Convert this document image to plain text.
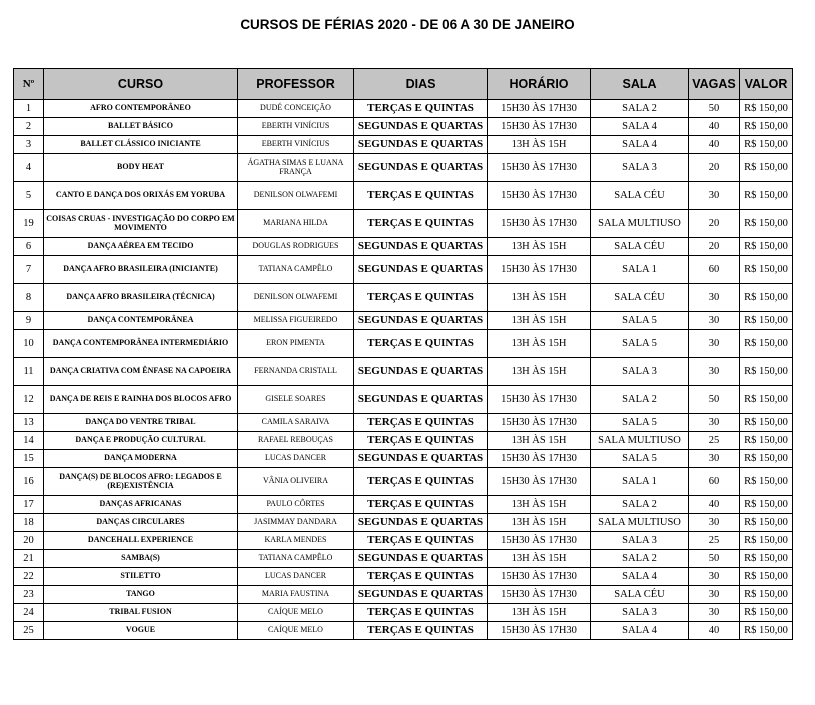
CURSOS DE FÉRIAS 2020 - DE 06 A 30 DE JANEIRO
Nº	CURSO	PROFESSOR	DIAS	HORÁRIO	SALA	VAGAS	VALOR
1	AFRO CONTEMPORÂNEO	DUDÉ CONCEIÇÃO	TERÇAS E QUINTAS	15H30 ÀS 17H30	SALA 2	50	R$ 150,00
2	BALLET BÁSICO	EBERTH VINÍCIUS	SEGUNDAS E QUARTAS	15H30 ÀS 17H30	SALA 4	40	R$ 150,00
3	BALLET CLÁSSICO INICIANTE	EBERTH VINÍCIUS	SEGUNDAS E QUARTAS	13H ÀS 15H	SALA 4	40	R$ 150,00
4	BODY HEAT	ÁGATHA SIMAS E LUANA FRANÇA	SEGUNDAS E QUARTAS	15H30 ÀS 17H30	SALA 3	20	R$ 150,00
5	CANTO E DANÇA DOS ORIXÁS EM YORUBA	DENILSON OLWAFEMI	TERÇAS E QUINTAS	15H30 ÀS 17H30	SALA CÉU	30	R$ 150,00
19	COISAS CRUAS - INVESTIGAÇÃO DO CORPO EM MOVIMENTO	MARIANA HILDA	TERÇAS E QUINTAS	15H30 ÀS 17H30	SALA MULTIUSO	20	R$ 150,00
6	DANÇA AÉREA EM TECIDO	DOUGLAS RODRIGUES	SEGUNDAS E QUARTAS	13H ÀS 15H	SALA CÉU	20	R$ 150,00
7	DANÇA AFRO BRASILEIRA (INICIANTE)	TATIANA CAMPÊLO	SEGUNDAS E QUARTAS	15H30 ÀS 17H30	SALA 1	60	R$ 150,00
8	DANÇA AFRO BRASILEIRA (TÉCNICA)	DENILSON OLWAFEMI	TERÇAS E QUINTAS	13H ÀS 15H	SALA CÉU	30	R$ 150,00
9	DANÇA CONTEMPORÂNEA	MELISSA FIGUEIREDO	SEGUNDAS E QUARTAS	13H ÀS 15H	SALA 5	30	R$ 150,00
10	DANÇA CONTEMPORÂNEA INTERMEDIÁRIO	ERON PIMENTA	TERÇAS E QUINTAS	13H ÀS 15H	SALA 5	30	R$ 150,00
11	DANÇA CRIATIVA COM ÊNFASE NA CAPOEIRA	FERNANDA CRISTALL	SEGUNDAS E QUARTAS	13H ÀS 15H	SALA 3	30	R$ 150,00
12	DANÇA DE REIS E RAINHA DOS BLOCOS AFRO	GISELE SOARES	SEGUNDAS E QUARTAS	15H30 ÀS 17H30	SALA 2	50	R$ 150,00
13	DANÇA DO VENTRE TRIBAL	CAMILA SARAIVA	TERÇAS E QUINTAS	15H30 ÀS 17H30	SALA 5	30	R$ 150,00
14	DANÇA E PRODUÇÃO CULTURAL	RAFAEL REBOUÇAS	TERÇAS E QUINTAS	13H ÀS 15H	SALA MULTIUSO	25	R$ 150,00
15	DANÇA MODERNA	LUCAS DANCER	SEGUNDAS E QUARTAS	15H30 ÀS 17H30	SALA 5	30	R$ 150,00
16	DANÇA(S) DE BLOCOS AFRO: LEGADOS E (RE)EXISTÊNCIA	VÂNIA OLIVEIRA	TERÇAS E QUINTAS	15H30 ÀS 17H30	SALA 1	60	R$ 150,00
17	DANÇAS AFRICANAS	PAULO CÔRTES	TERÇAS E QUINTAS	13H ÀS 15H	SALA 2	40	R$ 150,00
18	DANÇAS CIRCULARES	JASIMMAY DANDARA	SEGUNDAS E QUARTAS	13H ÀS 15H	SALA MULTIUSO	30	R$ 150,00
20	DANCEHALL EXPERIENCE	KARLA MENDES	TERÇAS E QUINTAS	15H30 ÀS 17H30	SALA 3	25	R$ 150,00
21	SAMBA(S)	TATIANA CAMPÊLO	SEGUNDAS E QUARTAS	13H ÀS 15H	SALA 2	50	R$ 150,00
22	STILETTO	LUCAS DANCER	TERÇAS E QUINTAS	15H30 ÀS 17H30	SALA 4	30	R$ 150,00
23	TANGO	MARIA FAUSTINA	SEGUNDAS E QUARTAS	15H30 ÀS 17H30	SALA CÉU	30	R$ 150,00
24	TRIBAL FUSION	CAÍQUE MELO	TERÇAS E QUINTAS	13H ÀS 15H	SALA 3	30	R$ 150,00
25	VOGUE	CAÍQUE MELO	TERÇAS E QUINTAS	15H30 ÀS 17H30	SALA 4	40	R$ 150,00
